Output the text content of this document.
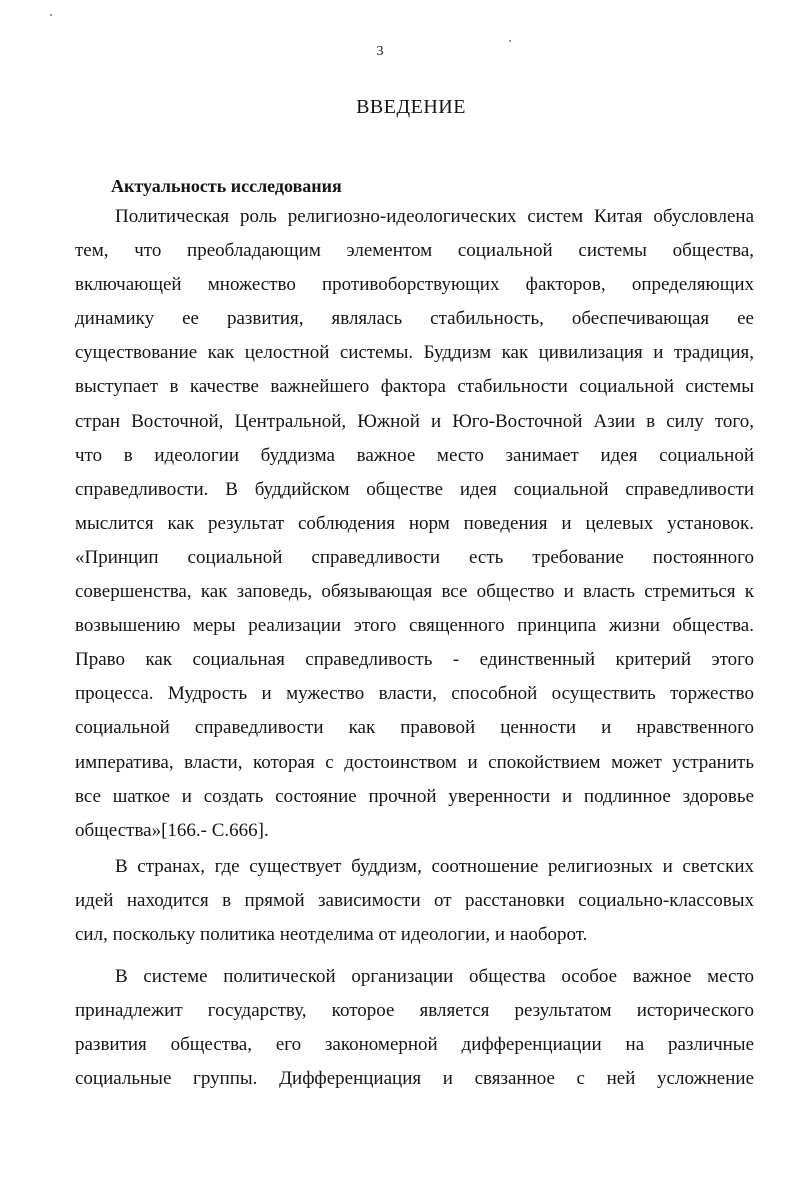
3
ВВЕДЕНИЕ
Актуальность исследования
Политическая роль религиозно-идеологических систем Китая обусловлена
тем, что преобладающим элементом социальной системы общества,
включающей множество противоборствующих факторов, определяющих
динамику ее развития, являлась стабильность, обеспечивающая ее
существование как целостной системы. Буддизм как цивилизация и традиция,
выступает в качестве важнейшего фактора стабильности социальной системы
стран Восточной, Центральной, Южной и Юго-Восточной Азии в силу того,
что в идеологии буддизма важное место занимает идея социальной
справедливости. В буддийском обществе идея социальной справедливости
мыслится как результат соблюдения норм поведения и целевых установок.
«Принцип социальной справедливости есть требование постоянного
совершенства, как заповедь, обязывающая все общество и власть стремиться к
возвышению меры реализации этого священного принципа жизни общества.
Право как социальная справедливость - единственный критерий этого
процесса. Мудрость и мужество власти, способной осуществить торжество
социальной справедливости как правовой ценности и нравственного
императива, власти, которая с достоинством и спокойствием может устранить
все шаткое и создать состояние прочной уверенности и подлинное здоровье
общества»[166.- С.666].
В странах, где существует буддизм, соотношение религиозных и светских
идей находится в прямой зависимости от расстановки социально-классовых
сил, поскольку политика неотделима от идеологии, и наоборот.
В системе политической организации общества особое важное место
принадлежит государству, которое является результатом исторического
развития общества, его закономерной дифференциации на различные
социальные группы. Дифференциация и связанное с ней усложнение
